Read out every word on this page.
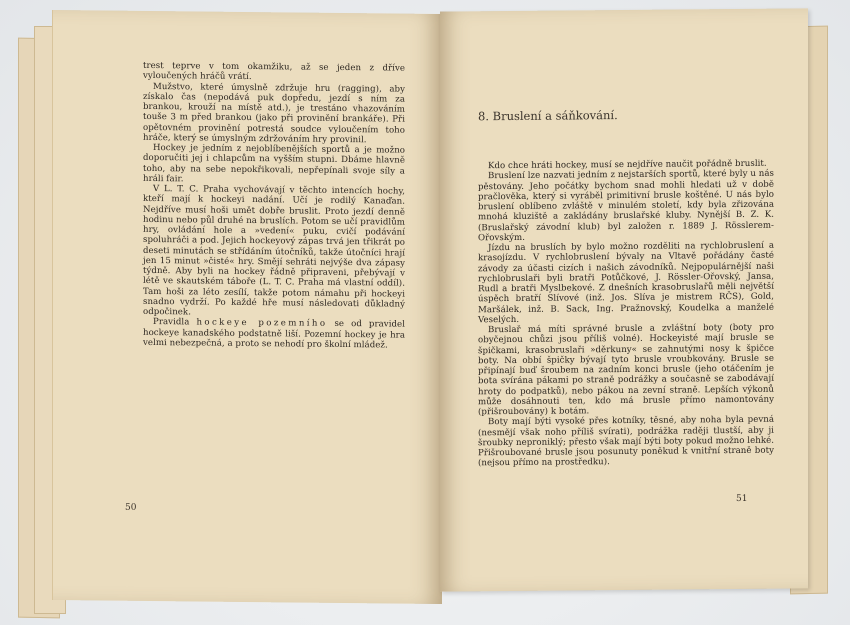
trest teprve v tom okamžiku, až se jeden z dříve vyloučených hráčů vrátí.

Mužstvo, které úmyslně zdržuje hru (ragging), aby získalo čas (nepodává puk dopředu, jezdí s ním za brankou, krouží na místě atd.), je trestáno vhazováním touše 3 m před brankou (jako při provinění brankáře). Při opětovném provinění potrestá soudce vyloučením toho hráče, který se úmyslným zdržováním hry provinil.

Hockey je jedním z nejoblíbenějších sportů a je možno doporučiti jej i chlapcům na vyšším stupni. Dbáme hlavně toho, aby na sebe nepokřikovali, nepřepínali svoje síly a hráli fair.

V L. T. C. Praha vychovávají v těchto intencích hochy, kteří mají k hockeyi nadání. Učí je rodilý Kanaďan. Nejdříve musí hoši umět dobře bruslit. Proto jezdí denně hodinu nebo půl druhé na bruslích. Potom se učí pravidlům hry, ovládání hole a »vedení« puku, cvičí podávání spoluhráči a pod. Jejich hockeyový zápas trvá jen třikrát po deseti minutách se střídáním útočníků, takže útočníci hrají jen 15 minut »čisté« hry. Smějí sehráti nejvýše dva zápasy týdně. Aby byli na hockey řádně připraveni, přebývají v létě ve skautském táboře (L. T. C. Praha má vlastní oddíl). Tam hoši za léto zesílí, takže potom námahu při hockeyi snadno vydrží. Po každé hře musí následovati důkladný odpočinek.

Pravidla hockeye pozemního se od pravidel hockeye kanadského podstatně liší. Pozemní hockey je hra velmi nebezpečná, a proto se nehodí pro školní mládež.

50
8. Bruslení a sáňkování.

Kdo chce hráti hockey, musí se nejdříve naučit pořádně bruslit.

Bruslení lze nazvati jedním z nejstarších sportů, které byly u nás pěstovány. Jeho počátky bychom snad mohli hledati už v době pračlověka, který si vyráběl primitivní brusle koštěné. U nás bylo bruslení oblíbeno zvláště v minulém století, kdy byla zřizována mnohá kluziště a zakládány bruslařské kluby. Nynější B. Z. K. (Bruslařský závodní klub) byl založen r. 1889 J. Rösslerem-Ořovským.

Jízdu na bruslích by bylo možno rozděliti na rychlobruslení a krasojízdu. V rychlobruslení bývaly na Vltavě pořádány časté závody za účasti cizích i našich závodníků. Nejpopulárnější naši rychlobruslaři byli bratři Potůčkové, J. Rössler-Ořovský, Jansa, Rudl a bratři Myslbekové. Z dnešních krasobruslařů měli největší úspěch bratří Slívové (inž. Jos. Slíva je mistrem RČS), Gold, Maršálek, inž. B. Sack, Ing. Pražnovský, Koudelka a manželé Veselých.

Bruslař má míti správné brusle a zvláštní boty (boty pro obyčejnou chůzi jsou příliš volné). Hockeyisté mají brusle se špičkami, krasobruslaři »děrkuny« se zahnutými nosy k špičce boty. Na obbí špičky bývají tyto brusle vroubkovány. Brusle se připínají buď šroubem na zadním konci brusle (jeho otáčením je bota svírána pákami po straně podrážky a současně se zabodávají hroty do podpatků), nebo pákou na zevní straně. Lepších výkonů může dosáhnouti ten, kdo má brusle přímo namontovány (přišroubovány) k botám.

Boty mají býti vysoké přes kotníky, těsné, aby noha byla pevná (nesmějí však noho příliš svírati), podrážka raději tlustší, aby ji šroubky neproniklý; přesto však mají býti boty pokud možno lehké. Přišroubované brusle jsou posunuty poněkud k vnitřní straně boty (nejsou přímo na prostředku).

51
